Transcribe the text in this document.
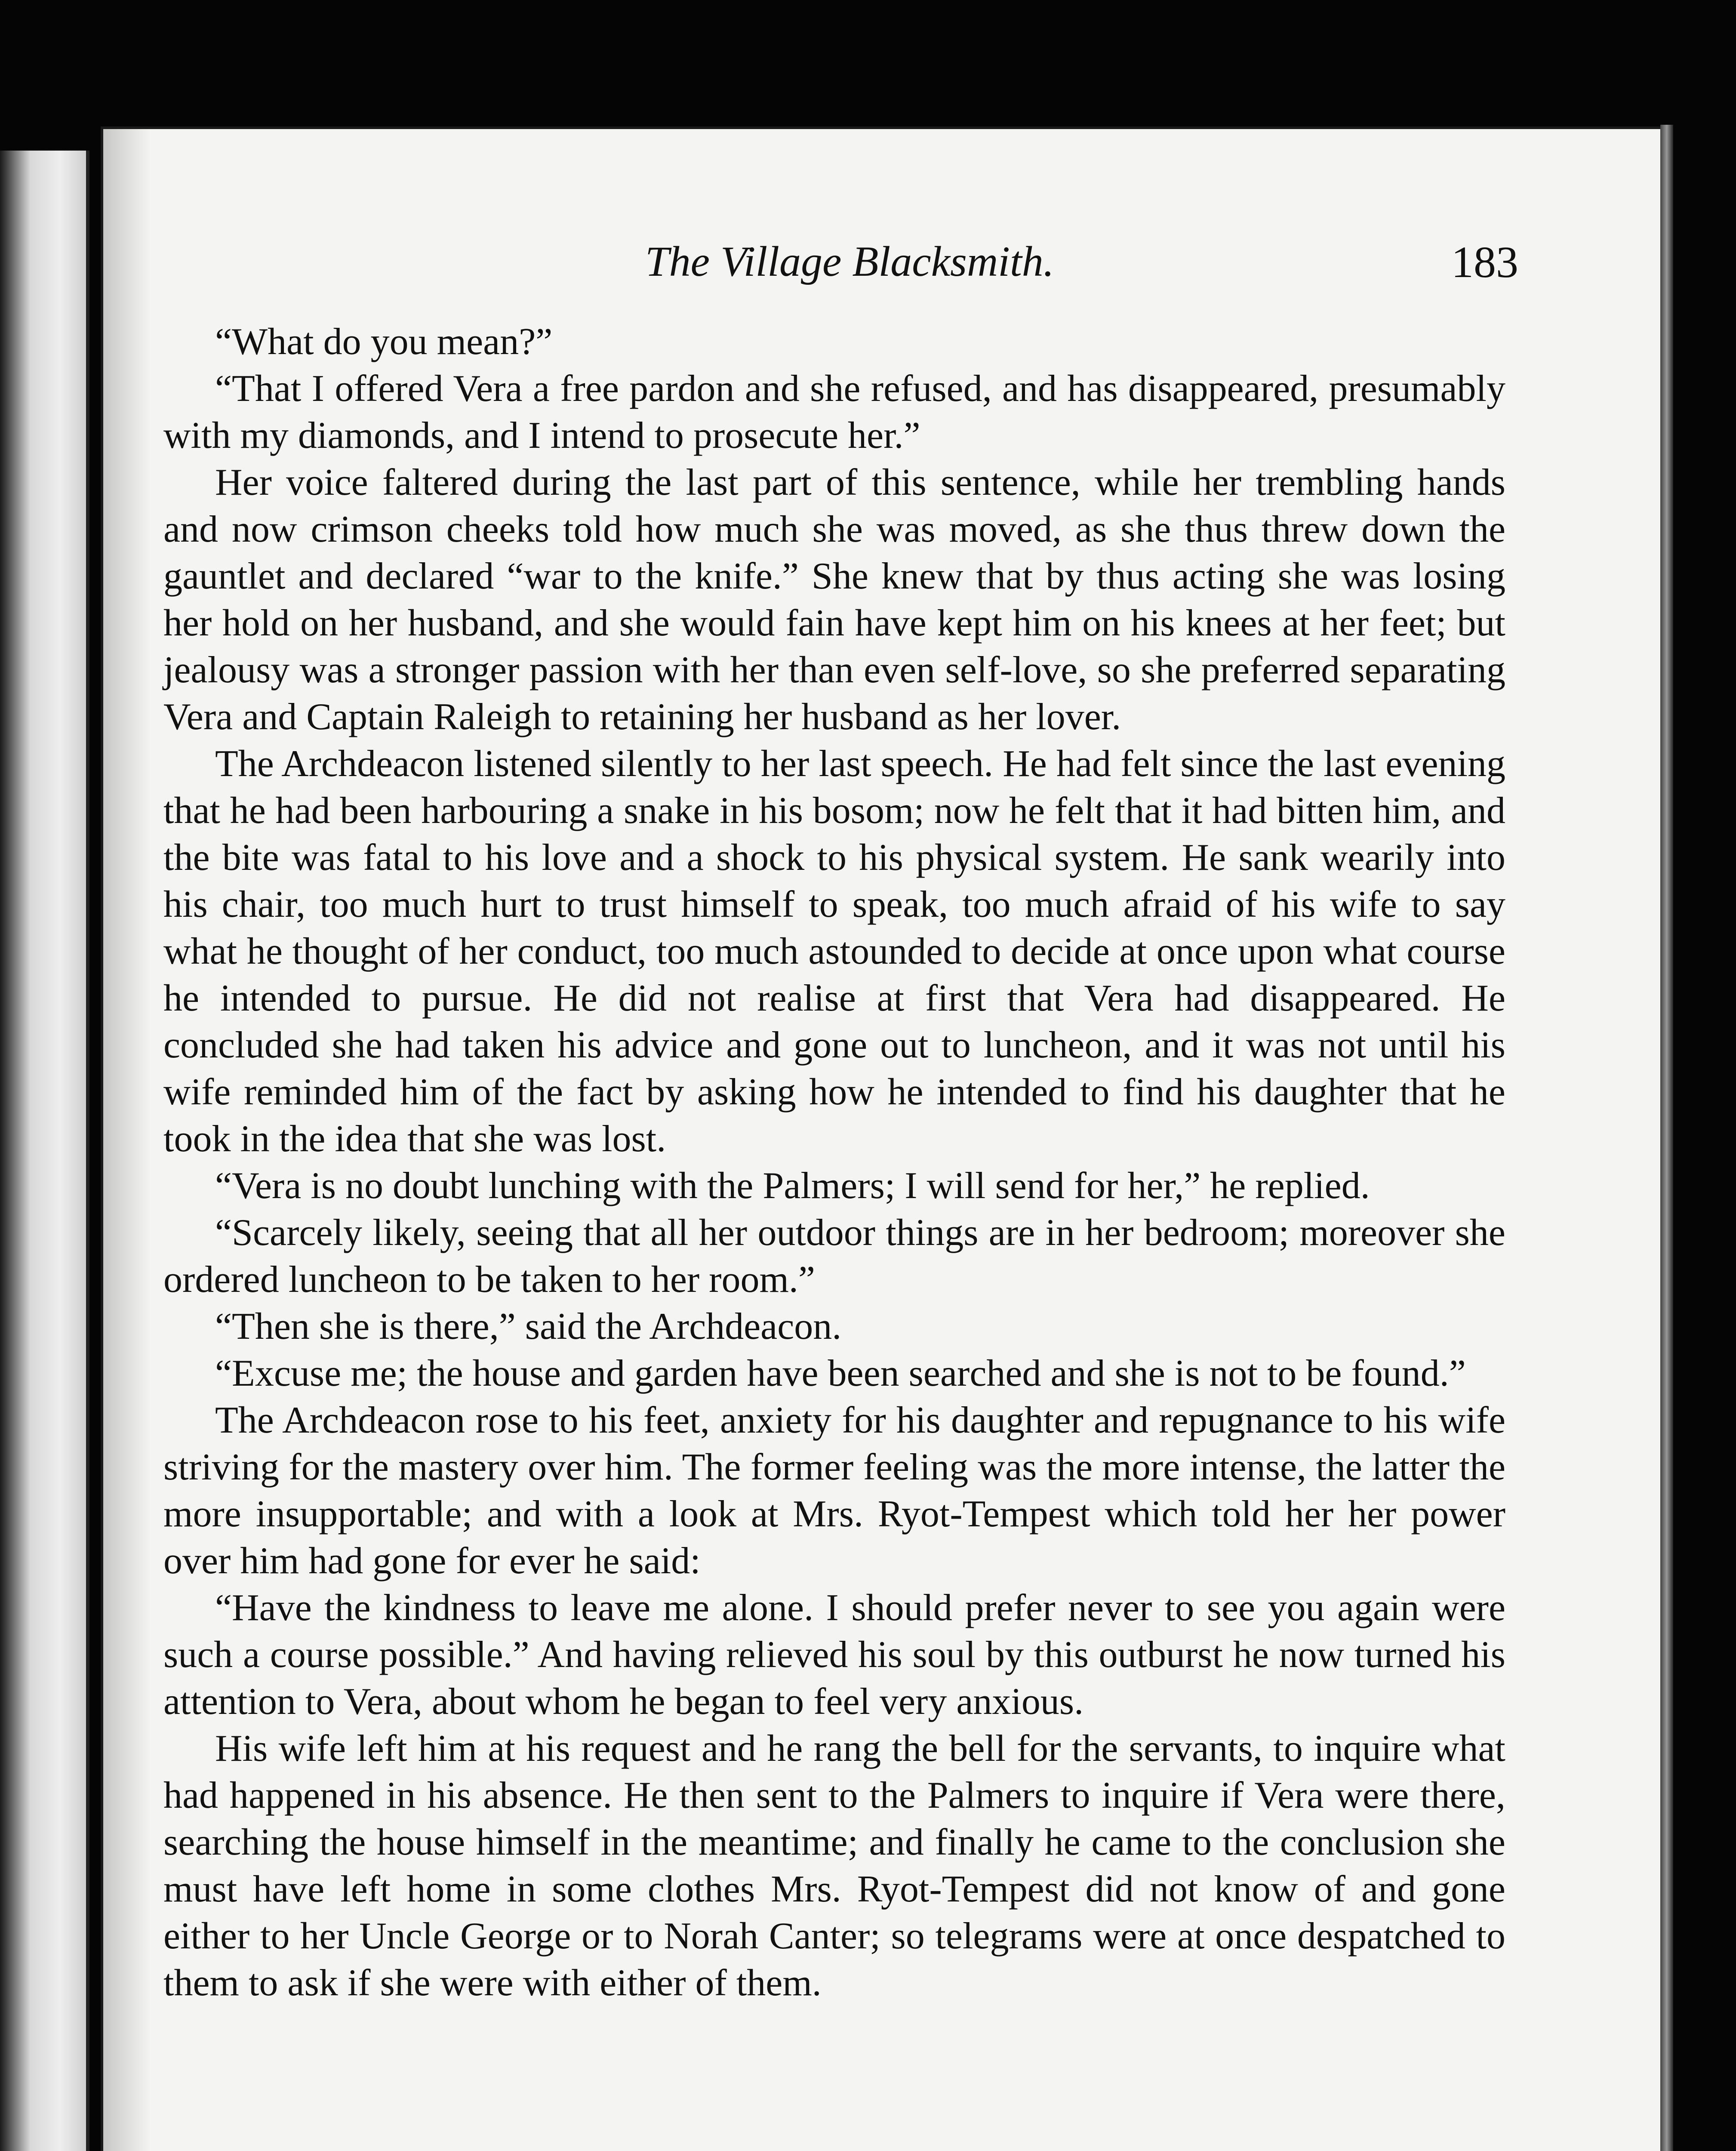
The Village Blacksmith.	183

“What do you mean?”

“That I offered Vera a free pardon and she refused, and has disappeared, presumably with my diamonds, and I intend to prosecute her.”

Her voice faltered during the last part of this sentence, while her trembling hands and now crimson cheeks told how much she was moved, as she thus threw down the gauntlet and declared “war to the knife.” She knew that by thus acting she was losing her hold on her husband, and she would fain have kept him on his knees at her feet; but jealousy was a stronger passion with her than even self-love, so she preferred separating Vera and Captain Raleigh to retaining her husband as her lover.

The Archdeacon listened silently to her last speech. He had felt since the last evening that he had been harbouring a snake in his bosom; now he felt that it had bitten him, and the bite was fatal to his love and a shock to his physical system. He sank wearily into his chair, too much hurt to trust himself to speak, too much afraid of his wife to say what he thought of her conduct, too much astounded to decide at once upon what course he intended to pursue. He did not realise at first that Vera had disappeared. He concluded she had taken his advice and gone out to luncheon, and it was not until his wife reminded him of the fact by asking how he intended to find his daughter that he took in the idea that she was lost.

“Vera is no doubt lunching with the Palmers; I will send for her,” he replied.

“Scarcely likely, seeing that all her outdoor things are in her bedroom; moreover she ordered luncheon to be taken to her room.”

“Then she is there,” said the Archdeacon.

“Excuse me; the house and garden have been searched and she is not to be found.”

The Archdeacon rose to his feet, anxiety for his daughter and repugnance to his wife striving for the mastery over him. The former feeling was the more intense, the latter the more insupportable; and with a look at Mrs. Ryot-Tempest which told her her power over him had gone for ever he said:

“Have the kindness to leave me alone. I should prefer never to see you again were such a course possible.” And having relieved his soul by this outburst he now turned his attention to Vera, about whom he began to feel very anxious.

His wife left him at his request and he rang the bell for the servants, to inquire what had happened in his absence. He then sent to the Palmers to inquire if Vera were there, searching the house himself in the meantime; and finally he came to the conclusion she must have left home in some clothes Mrs. Ryot-Tempest did not know of and gone either to her Uncle George or to Norah Canter; so telegrams were at once despatched to them to ask if she were with either of them.
